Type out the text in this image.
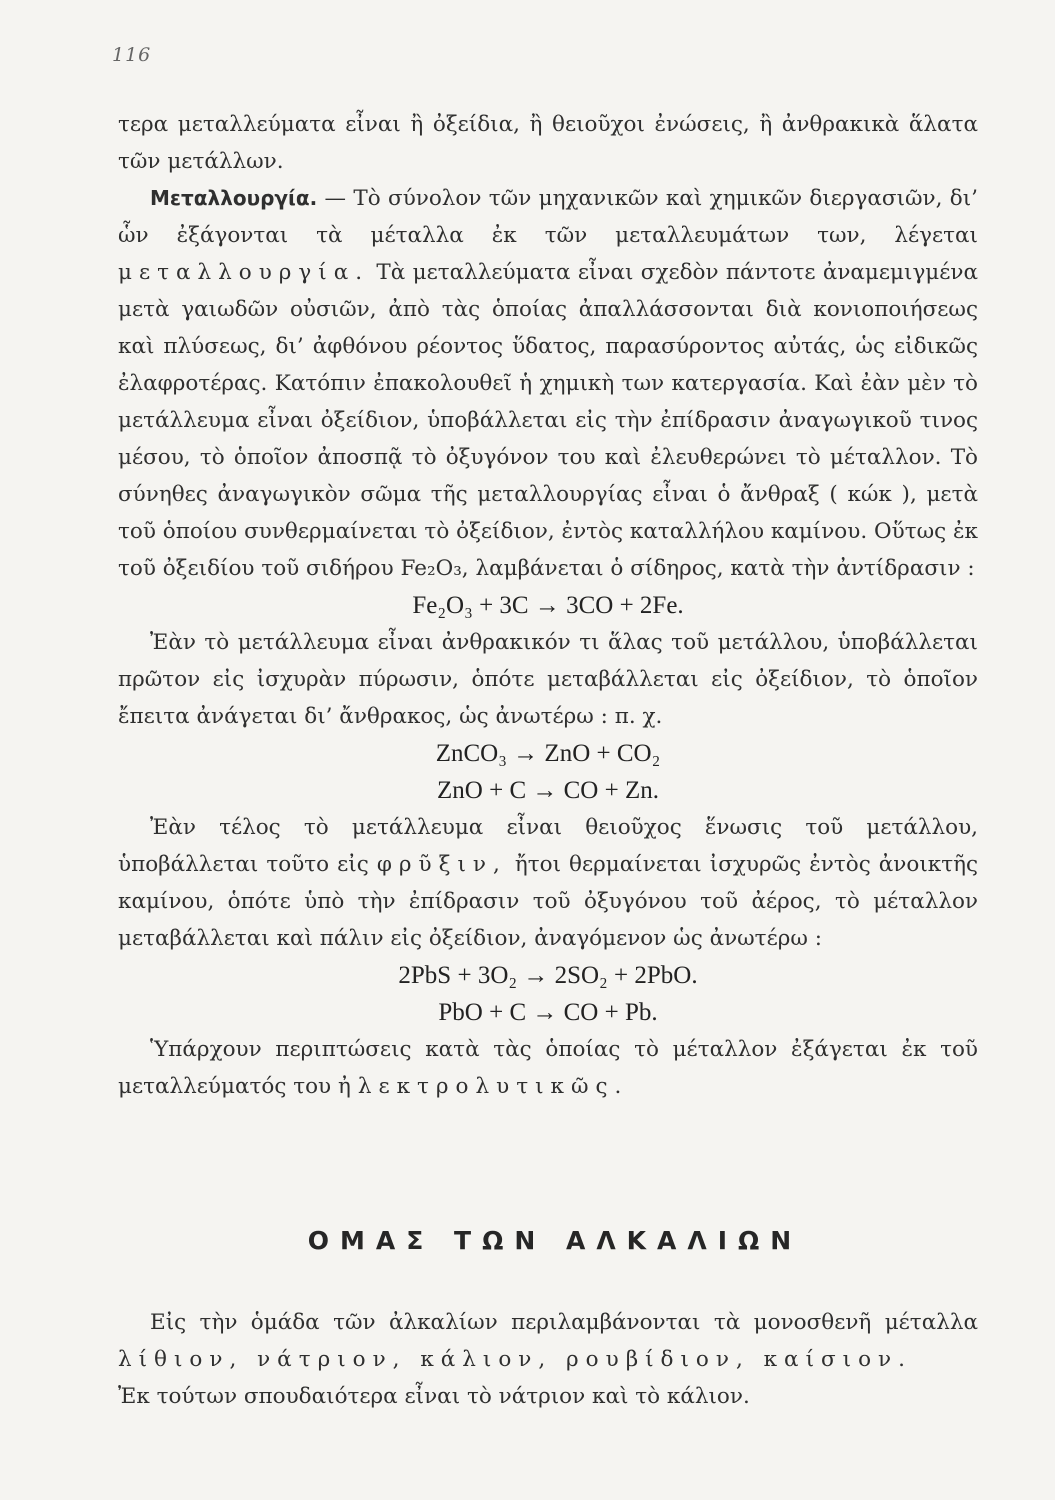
116

τερα μεταλλεύματα εἶναι ἢ ὀξείδια, ἢ θειοῦχοι ἐνώσεις, ἢ ἀνθρακικὰ ἅλατα τῶν μετάλλων.

Μεταλλουργία. — Τὸ σύνολον τῶν μηχανικῶν καὶ χημικῶν διεργασιῶν, δι’ ὧν ἐξάγονται τὰ μέταλλα ἐκ τῶν μεταλλευμάτων των, λέγεται μεταλλουργία. Τὰ μεταλλεύματα εἶναι σχεδὸν πάντοτε ἀναμεμιγμένα μετὰ γαιωδῶν οὐσιῶν, ἀπὸ τὰς ὁποίας ἀπαλλάσσονται διὰ κονιοποιήσεως καὶ πλύσεως, δι’ ἀφθόνου ρέοντος ὕδατος, παρασύροντος αὐτάς, ὡς εἰδικῶς ἐλαφροτέρας. Κατόπιν ἐπακολουθεῖ ἡ χημικὴ των κατεργασία. Καὶ ἐὰν μὲν τὸ μετάλλευμα εἶναι ὀξείδιον, ὑποβάλλεται εἰς τὴν ἐπίδρασιν ἀναγωγικοῦ τινος μέσου, τὸ ὁποῖον ἀποσπᾷ τὸ ὀξυγόνον του καὶ ἐλευθερώνει τὸ μέταλλον. Τὸ σύνηθες ἀναγωγικὸν σῶμα τῆς μεταλλουργίας εἶναι ὁ ἄνθραξ ( κώκ ), μετὰ τοῦ ὁποίου συνθερμαίνεται τὸ ὀξείδιον, ἐντὸς καταλλήλου καμίνου. Οὕτως ἐκ τοῦ ὀξειδίου τοῦ σιδήρου Fe₂O₃, λαμβάνεται ὁ σίδηρος, κατὰ τὴν ἀντίδρασιν :

Fe₂O₃ + 3C → 3CO + 2Fe.

Ἐὰν τὸ μετάλλευμα εἶναι ἀνθρακικόν τι ἅλας τοῦ μετάλλου, ὑποβάλλεται πρῶτον εἰς ἰσχυρὰν πύρωσιν, ὁπότε μεταβάλλεται εἰς ὀξείδιον, τὸ ὁποῖον ἔπειτα ἀνάγεται δι’ ἄνθρακος, ὡς ἀνωτέρω : π. χ.

ZnCO₃ → ZnO + CO₂

ZnO + C → CO + Zn.

Ἐὰν τέλος τὸ μετάλλευμα εἶναι θειοῦχος ἕνωσις τοῦ μετάλλου, ὑποβάλλεται τοῦτο εἰς φρῦξιν, ἤτοι θερμαίνεται ἰσχυρῶς ἐντὸς ἀνοικτῆς καμίνου, ὁπότε ὑπὸ τὴν ἐπίδρασιν τοῦ ὀξυγόνου τοῦ ἀέρος, τὸ μέταλλον μεταβάλλεται καὶ πάλιν εἰς ὀξείδιον, ἀναγόμενον ὡς ἀνωτέρω :

2PbS + 3O₂ → 2SO₂ + 2PbO.

PbO + C → CO + Pb.

Ὑπάρχουν περιπτώσεις κατὰ τὰς ὁποίας τὸ μέταλλον ἐξάγεται ἐκ τοῦ μεταλλεύματός του ἠλεκτρολυτικῶς.

ΟΜΑΣ ΤΩΝ ΑΛΚΑΛΙΩΝ

Εἰς τὴν ὁμάδα τῶν ἀλκαλίων περιλαμβάνονται τὰ μονοσθενῆ μέταλλα λίθιον, νάτριον, κάλιον, ρουβίδιον, καίσιον.

Ἐκ τούτων σπουδαιότερα εἶναι τὸ νάτριον καὶ τὸ κάλιον.
